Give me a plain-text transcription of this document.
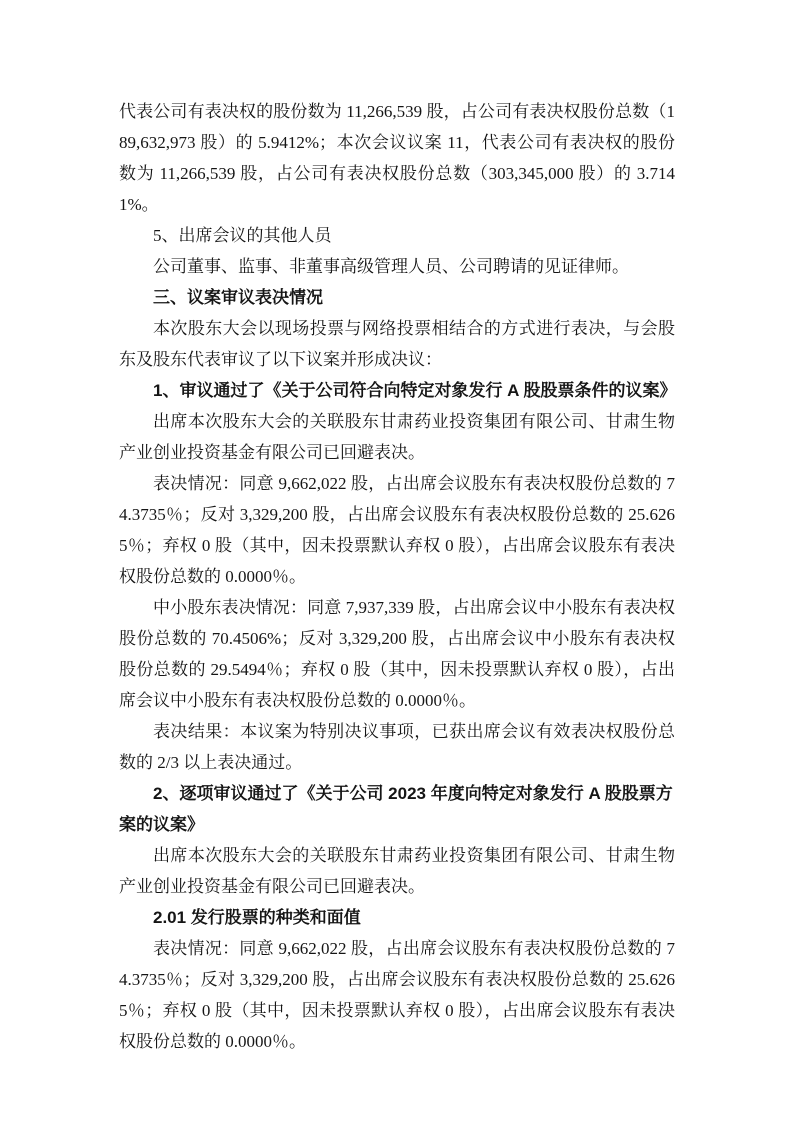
代表公司有表决权的股份数为 11,266,539 股，占公司有表决权股份总数（189,632,973 股）的 5.9412%；本次会议议案 11，代表公司有表决权的股份数为 11,266,539 股，占公司有表决权股份总数（303,345,000 股）的 3.7141%。

5、出席会议的其他人员

公司董事、监事、非董事高级管理人员、公司聘请的见证律师。

三、议案审议表决情况

本次股东大会以现场投票与网络投票相结合的方式进行表决，与会股东及股东代表审议了以下议案并形成决议：

1、审议通过了《关于公司符合向特定对象发行 A 股股票条件的议案》

出席本次股东大会的关联股东甘肃药业投资集团有限公司、甘肃生物产业创业投资基金有限公司已回避表决。

表决情况：同意 9,662,022 股，占出席会议股东有表决权股份总数的 74.3735％；反对 3,329,200 股，占出席会议股东有表决权股份总数的 25.6265％；弃权 0 股（其中，因未投票默认弃权 0 股），占出席会议股东有表决权股份总数的 0.0000％。

中小股东表决情况：同意 7,937,339 股，占出席会议中小股东有表决权股份总数的 70.4506%；反对 3,329,200 股，占出席会议中小股东有表决权股份总数的 29.5494％；弃权 0 股（其中，因未投票默认弃权 0 股），占出席会议中小股东有表决权股份总数的 0.0000％。

表决结果：本议案为特别决议事项，已获出席会议有效表决权股份总数的 2/3 以上表决通过。

2、逐项审议通过了《关于公司 2023 年度向特定对象发行 A 股股票方案的议案》

出席本次股东大会的关联股东甘肃药业投资集团有限公司、甘肃生物产业创业投资基金有限公司已回避表决。

2.01 发行股票的种类和面值

表决情况：同意 9,662,022 股，占出席会议股东有表决权股份总数的 74.3735％；反对 3,329,200 股，占出席会议股东有表决权股份总数的 25.6265％；弃权 0 股（其中，因未投票默认弃权 0 股），占出席会议股东有表决权股份总数的 0.0000％。
